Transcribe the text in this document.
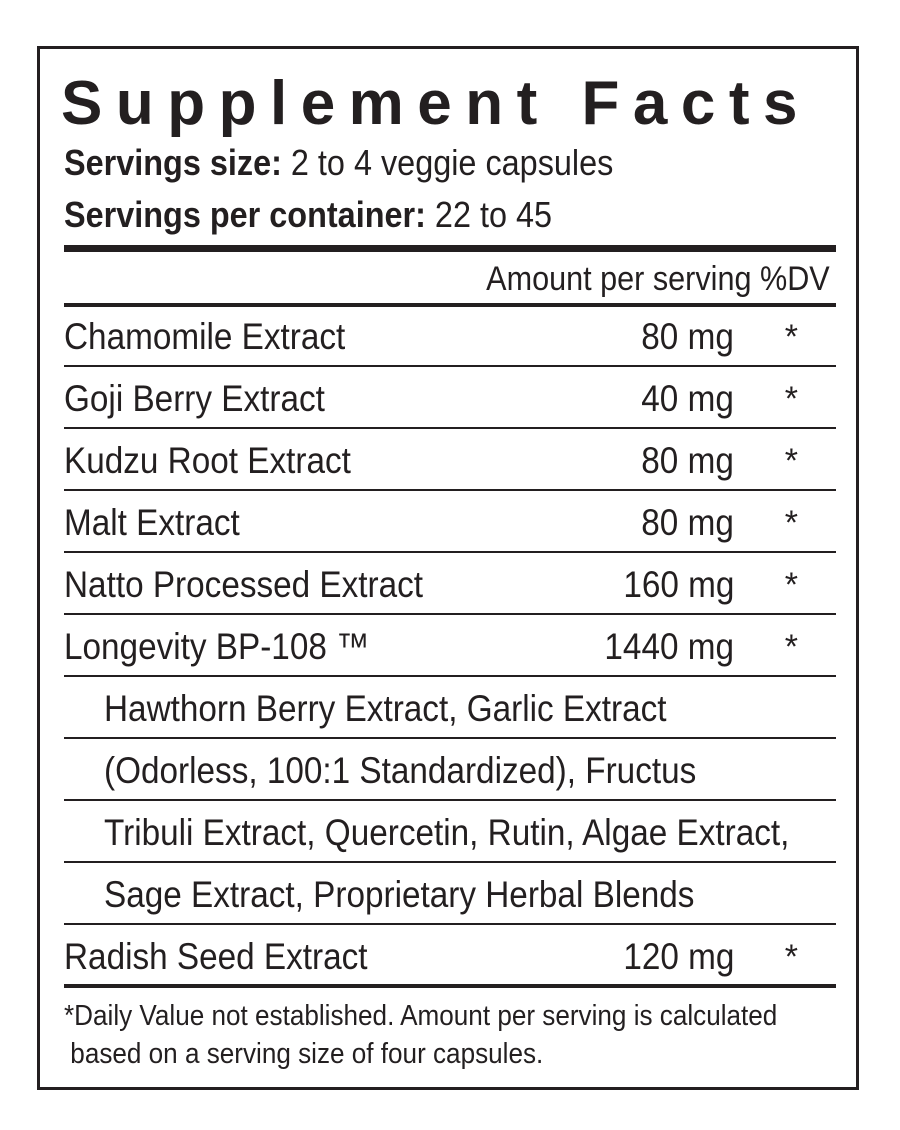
Supplement Facts
Servings size: 2 to 4 veggie capsules
Servings per container: 22 to 45
Amount per serving %DV
Chamomile Extract	80 mg *
Goji Berry Extract	40 mg *
Kudzu Root Extract	80 mg *
Malt Extract	80 mg *
Natto Processed Extract	160 mg *
Longevity BP-108 ™	1440 mg *
Hawthorn Berry Extract, Garlic Extract
(Odorless, 100:1 Standardized), Fructus
Tribuli Extract, Quercetin, Rutin, Algae Extract,
Sage Extract, Proprietary Herbal Blends
Radish Seed Extract	120 mg *
*Daily Value not established. Amount per serving is calculated
based on a serving size of four capsules.
